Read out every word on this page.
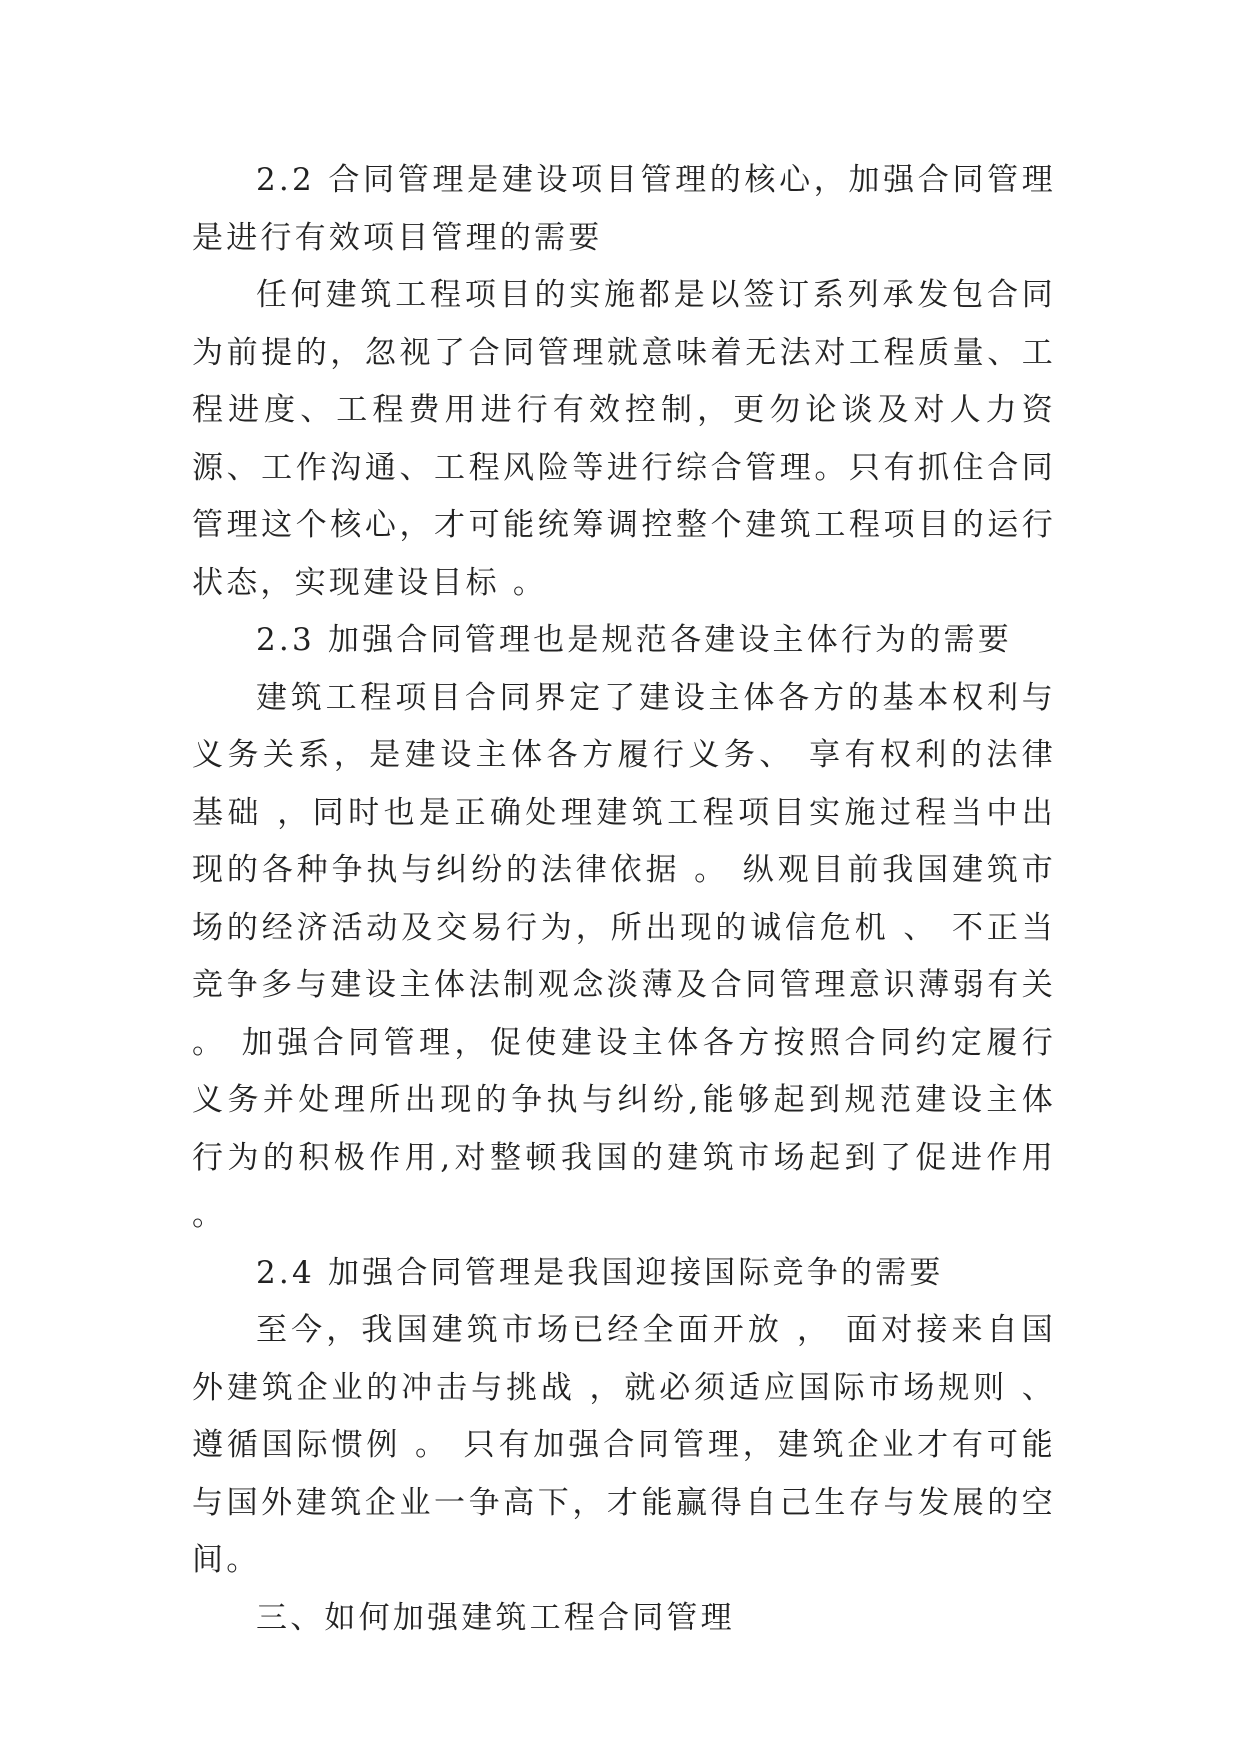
2.2 合同管理是建设项目管理的核心，加强合同管理是进行有效项目管理的需要

任何建筑工程项目的实施都是以签订系列承发包合同为前提的，忽视了合同管理就意味着无法对工程质量、工程进度、工程费用进行有效控制，更勿论谈及对人力资源、工作沟通、工程风险等进行综合管理。只有抓住合同管理这个核心，才可能统筹调控整个建筑工程项目的运行状态，实现建设目标 。

2.3 加强合同管理也是规范各建设主体行为的需要

建筑工程项目合同界定了建设主体各方的基本权利与义务关系，是建设主体各方履行义务、 享有权利的法律基础 ，同时也是正确处理建筑工程项目实施过程当中出现的各种争执与纠纷的法律依据 。 纵观目前我国建筑市场的经济活动及交易行为，所出现的诚信危机 、 不正当竞争多与建设主体法制观念淡薄及合同管理意识薄弱有关 。 加强合同管理，促使建设主体各方按照合同约定履行义务并处理所出现的争执与纠纷,能够起到规范建设主体行为的积极作用,对整顿我国的建筑市场起到了促进作用 。

2.4 加强合同管理是我国迎接国际竞争的需要

至今，我国建筑市场已经全面开放 ， 面对接来自国外建筑企业的冲击与挑战 ，就必须适应国际市场规则 、 遵循国际惯例 。 只有加强合同管理，建筑企业才有可能与国外建筑企业一争高下，才能赢得自己生存与发展的空间。

三、如何加强建筑工程合同管理
